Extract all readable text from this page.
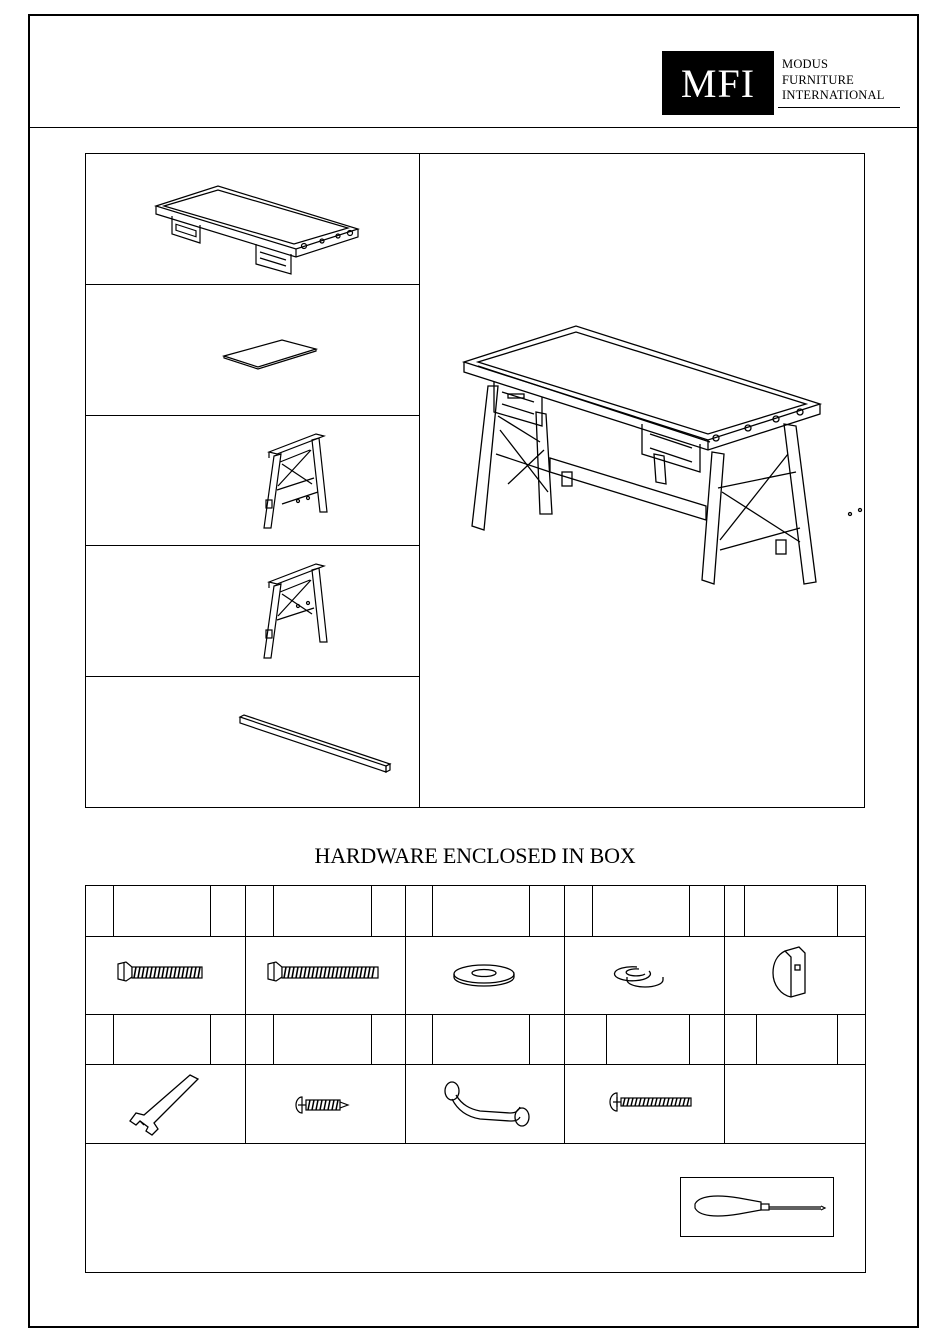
MFI MODUS
FURNITURE
INTERNATIONAL
HARDWARE ENCLOSED IN BOX
